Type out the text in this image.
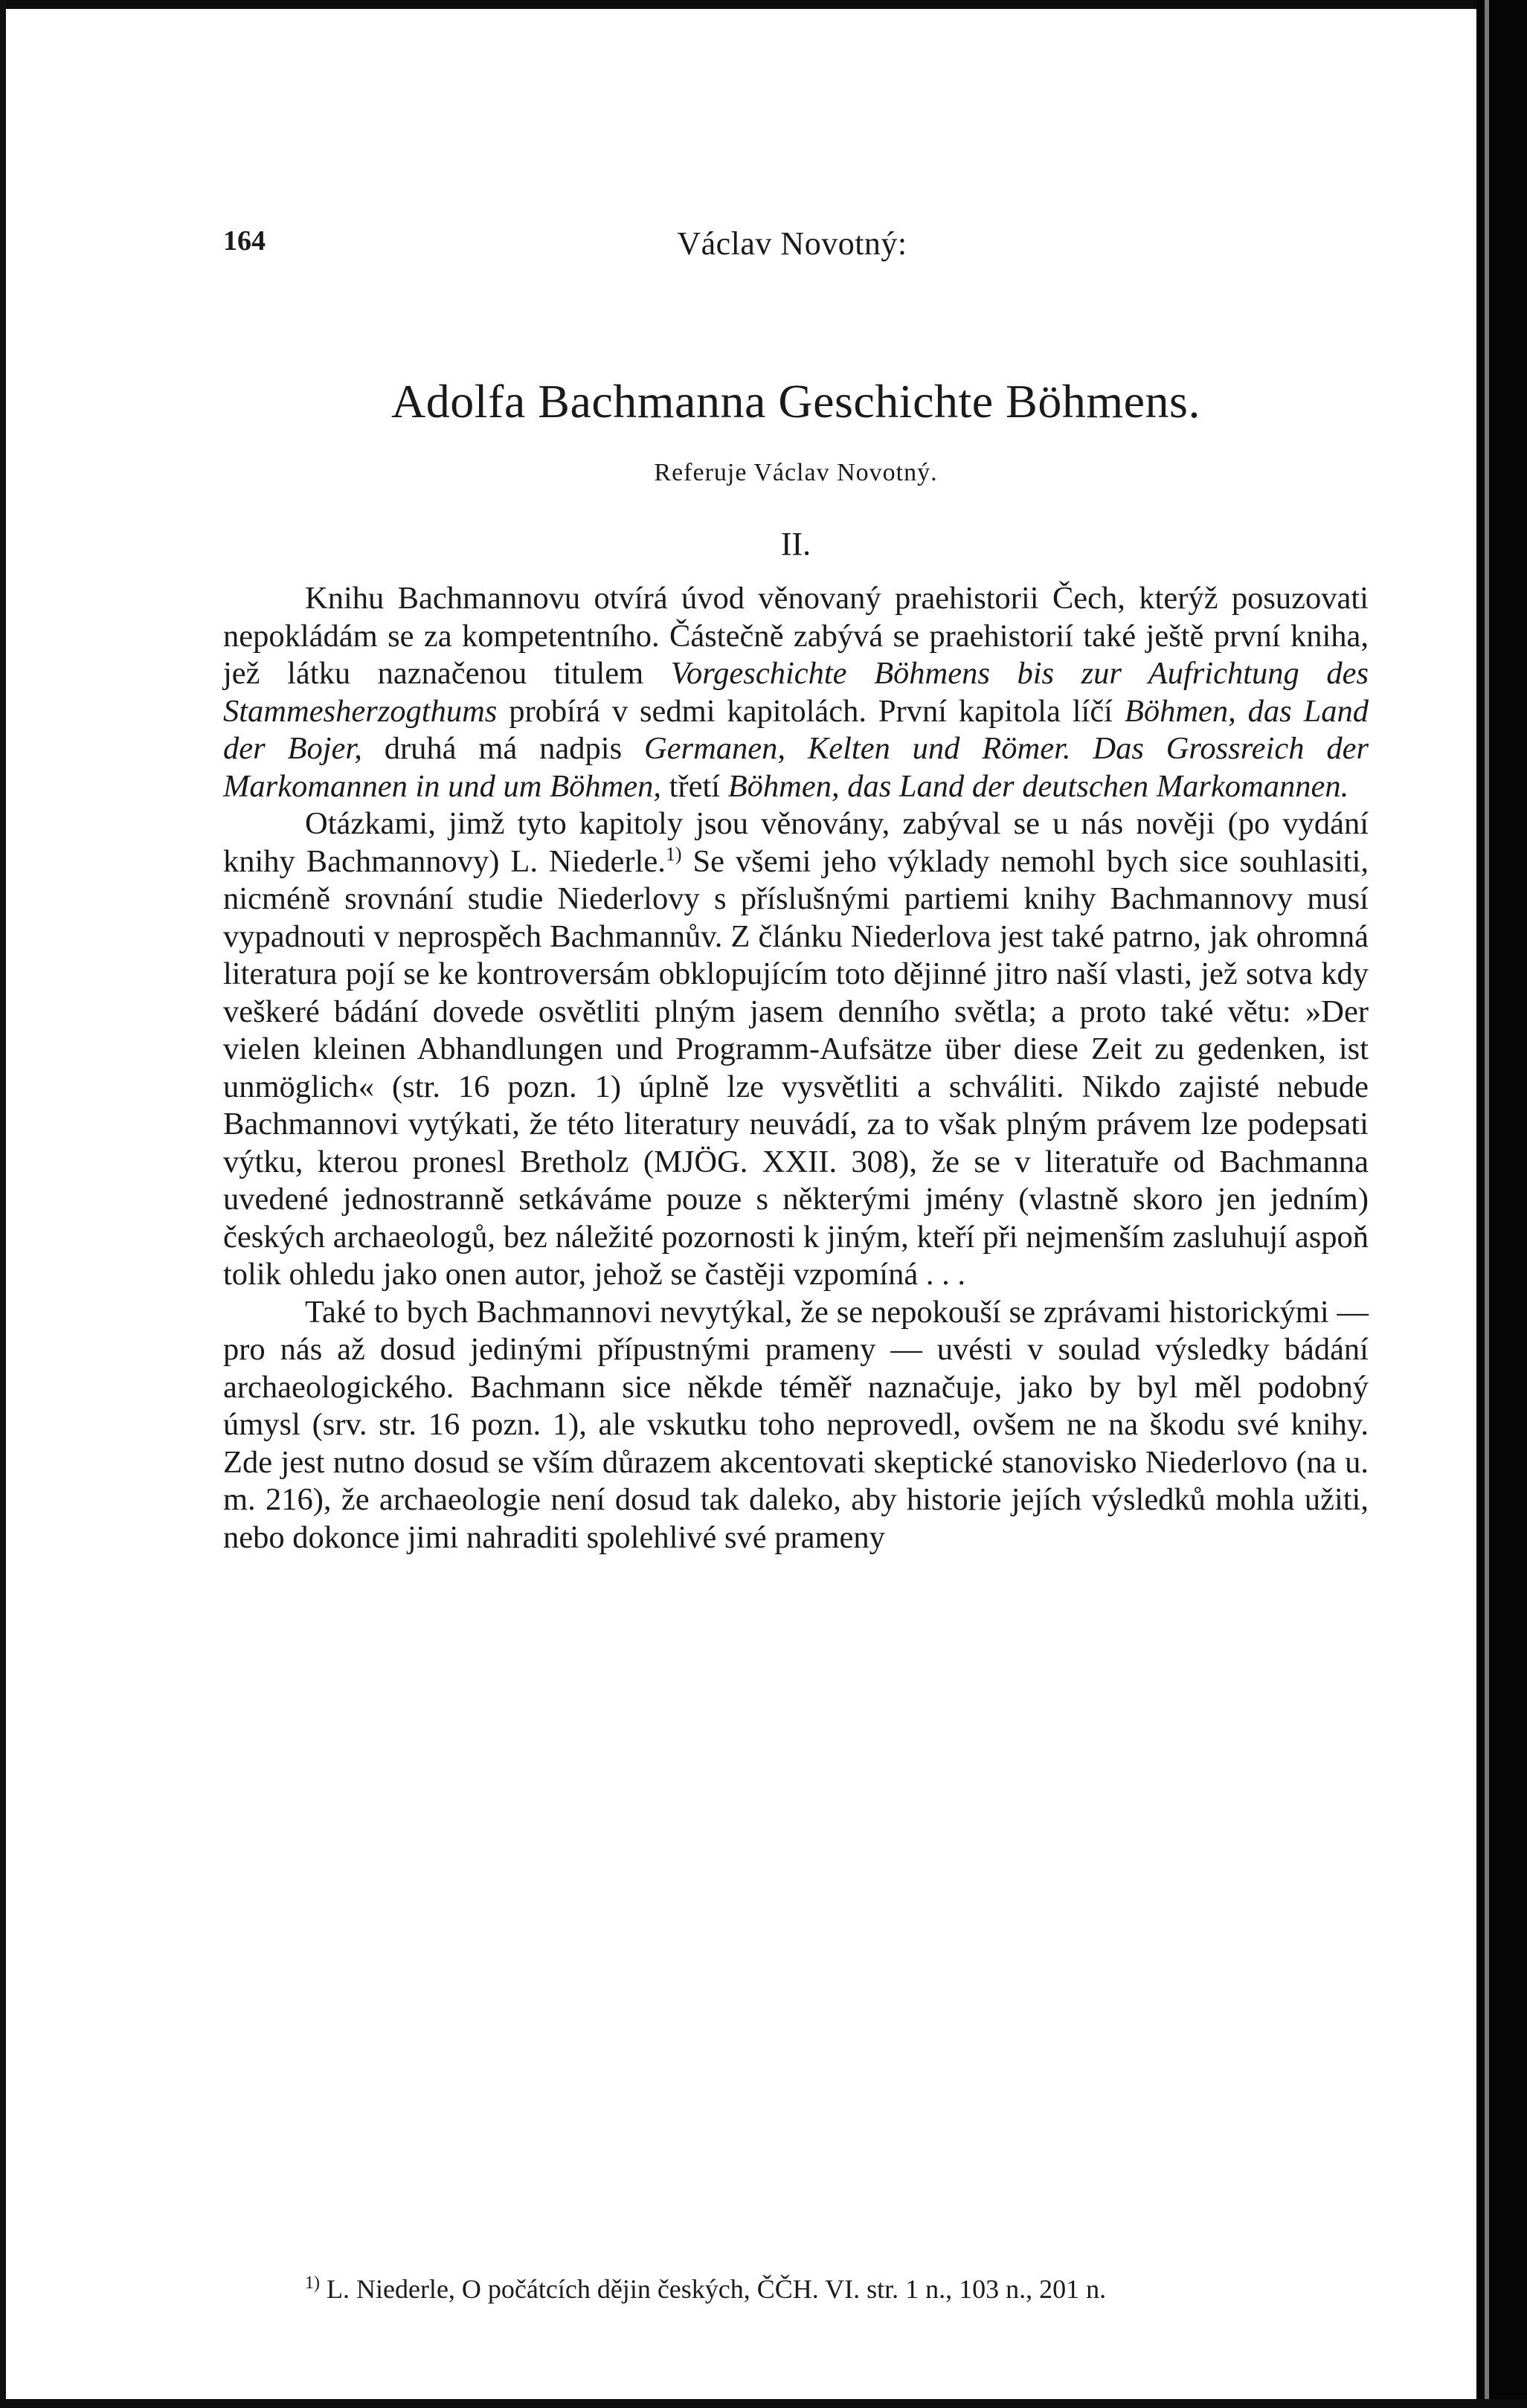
164	Václav Novotný:
Adolfa Bachmanna Geschichte Böhmens.
Referuje Václav Novotný.
II.

Knihu Bachmannovu otvírá úvod věnovaný praehistorii Čech, kterýž posuzovati nepokládám se za kompetentního. Částečně zabývá se praehistorií také ještě první kniha, jež látku naznačenou titulem Vorgeschichte Böhmens bis zur Aufrichtung des Stammesherzogthums probírá v sedmi kapitolách. První kapitola líčí Böhmen, das Land der Bojer, druhá má nadpis Germanen, Kelten und Römer. Das Grossreich der Markomannen in und um Böhmen, třetí Böhmen, das Land der deutschen Markomannen.

Otázkami, jimž tyto kapitoly jsou věnovány, zabýval se u nás nověji (po vydání knihy Bachmannovy) L. Niederle.$^{1)}$ Se všemi jeho výklady nemohl bych sice souhlasiti, nicméně srovnání studie Niederlovy s příslušnými partiemi knihy Bachmannovy musí vypadnouti v neprospěch Bachmannův. Z článku Niederlova jest také patrno, jak ohromná literatura pojí se ke kontroversám obklopujícím toto dějinné jitro naší vlasti, jež sotva kdy veškeré bádání dovede osvětliti plným jasem denního světla; a proto také větu: »Der vielen kleinen Abhandlungen und Programm-Aufsätze über diese Zeit zu gedenken, ist unmöglich« (str. 16 pozn. 1) úplně lze vysvětliti a schváliti. Nikdo zajisté nebude Bachmannovi vytýkati, že této literatury neuvádí, za to však plným právem lze podepsati výtku, kterou pronesl Bretholz (MJÖG. XXII. 308), že se v literatuře od Bachmanna uvedené jednostranně setkáváme pouze s některými jmény (vlastně skoro jen jedním) českých archaeologů, bez náležité pozornosti k jiným, kteří při nejmenším zasluhují aspoň tolik ohledu jako onen autor, jehož se častěji vzpomíná . . .

Také to bych Bachmannovi nevytýkal, že se nepokouší se zprávami historickými — pro nás až dosud jedinými přípustnými prameny — uvésti v soulad výsledky bádání archaeologického. Bachmann sice někde téměř naznačuje, jako by byl měl podobný úmysl (srv. str. 16 pozn. 1), ale vskutku toho neprovedl, ovšem ne na škodu své knihy. Zde jest nutno dosud se vším důrazem akcentovati skeptické stanovisko Niederlovo (na u. m. 216), že archaeologie není dosud tak daleko, aby historie jejích výsledků mohla užiti, nebo dokonce jimi nahraditi spolehlivé své prameny

$^{1)}$ L. Niederle, O počátcích dějin českých, ČČH. VI. str. 1 n., 103 n., 201 n.
